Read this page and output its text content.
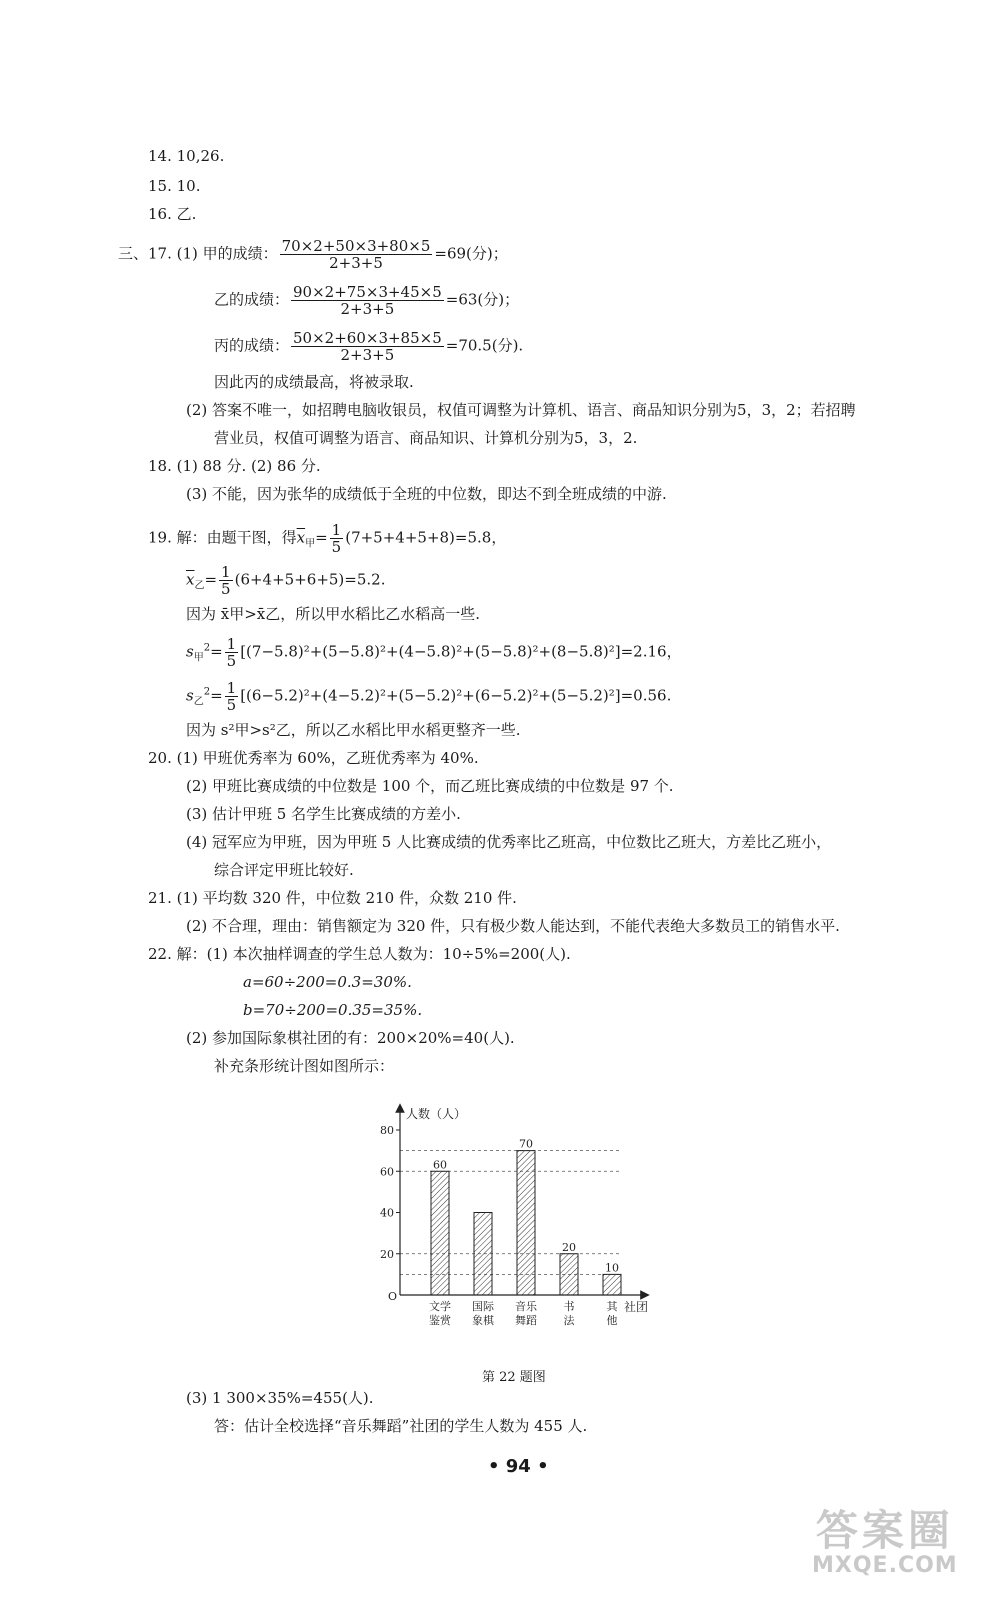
14. 10,26.
15. 10.
16. 乙.
三、17. (1) 甲的成绩： $\frac{70\times 2+50\times 3+80\times 5}{2+3+5} =69$(分)；
乙的成绩： $\frac{90\times 2+75\times 3+45\times 5}{2+3+5} =63$(分)；
丙的成绩： $\frac{50\times 2+60\times 3+85\times 5}{2+3+5} =70.5$(分).
因此丙的成绩最高，将被录取.
(2) 答案不唯一，如招聘电脑收银员，权值可调整为计算机、语言、商品知识分别为5，3，2；若招聘
营业员，权值可调整为语言、商品知识、计算机分别为5，3，2.
18. (1) 88 分. (2) 86 分.
(3) 不能，因为张华的成绩低于全班的中位数，即达不到全班成绩的中游.
19. 解：由题干图，得$\overline{x}_甲= \frac{1}{5} (7+5+4+5+8)=5.8$，
$\overline{x}_乙= \frac{1}{5} (6+4+5+6+5)=5.2$.
因为 x̄甲>x̄乙，所以甲水稻比乙水稻高一些.
$s_甲^2= \frac{1}{5} [(7-5.8)^2+(5-5.8)^2+(4-5.8)^2+(5-5.8)^2+(8-5.8)^2]=2.16$，
$s_乙^2= \frac{1}{5} [(6-5.2)^2+(4-5.2)^2+(5-5.2)^2+(6-5.2)^2+(5-5.2)^2]=0.56$.
因为 s²甲>s²乙，所以乙水稻比甲水稻更整齐一些.
20. (1) 甲班优秀率为 60%，乙班优秀率为 40%.
(2) 甲班比赛成绩的中位数是 100 个，而乙班比赛成绩的中位数是 97 个.
(3) 估计甲班 5 名学生比赛成绩的方差小.
(4) 冠军应为甲班，因为甲班 5 人比赛成绩的优秀率比乙班高，中位数比乙班大，方差比乙班小，
综合评定甲班比较好.
21. (1) 平均数 320 件，中位数 210 件，众数 210 件.
(2) 不合理，理由：销售额定为 320 件，只有极少数人能达到，不能代表绝大多数员工的销售水平.
22. 解：(1) 本次抽样调查的学生总人数为：10÷5%=200(人).
a=60÷200=0.3=30%.
b=70÷200=0.35=35%.
(2) 参加国际象棋社团的有：200×20%=40(人).
补充条形统计图如图所示：
60
70
20
10
20
40
60
80
文学
鉴赏
国际
象棋
音乐
舞蹈
书
法
其
他
人数（人）
社团
O
第 22 题图
(3) 1 300×35%=455(人).
答：估计全校选择“音乐舞蹈”社团的学生人数为 455 人.
• 94 •
答案圈
MXQE.COM
